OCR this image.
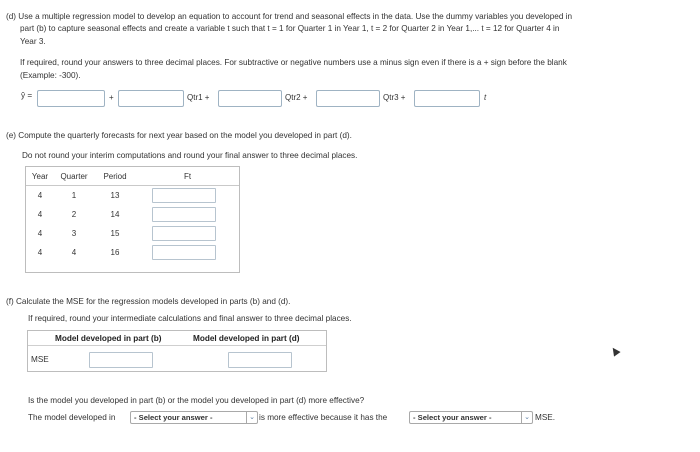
(d) Use a multiple regression model to develop an equation to account for trend and seasonal effects in the data. Use the dummy variables you developed in
part (b) to capture seasonal effects and create a variable t such that t = 1 for Quarter 1 in Year 1, t = 2 for Quarter 2 in Year 1,... t = 12 for Quarter 4 in
Year 3.
If required, round your answers to three decimal places. For subtractive or negative numbers use a minus sign even if there is a + sign before the blank
(Example: -300).
ŷ =	+	Qtr1 +	Qtr2 +	Qtr3 +	t
(e) Compute the quarterly forecasts for next year based on the model you developed in part (d).
Do not round your interim computations and round your final answer to three decimal places.
Year	Quarter	Period	Ft
4	1	13	

4	2	14	

4	3	15	

4	4	16	
(f) Calculate the MSE for the regression models developed in parts (b) and (d).
If required, round your intermediate calculations and final answer to three decimal places.
Model developed in part (b)	Model developed in part (d)
MSE
Is the model you developed in part (b) or the model you developed in part (d) more effective?
The model developed in	- Select your answer -	⌄ is more effective because it has the	- Select your answer -	⌄ MSE.
